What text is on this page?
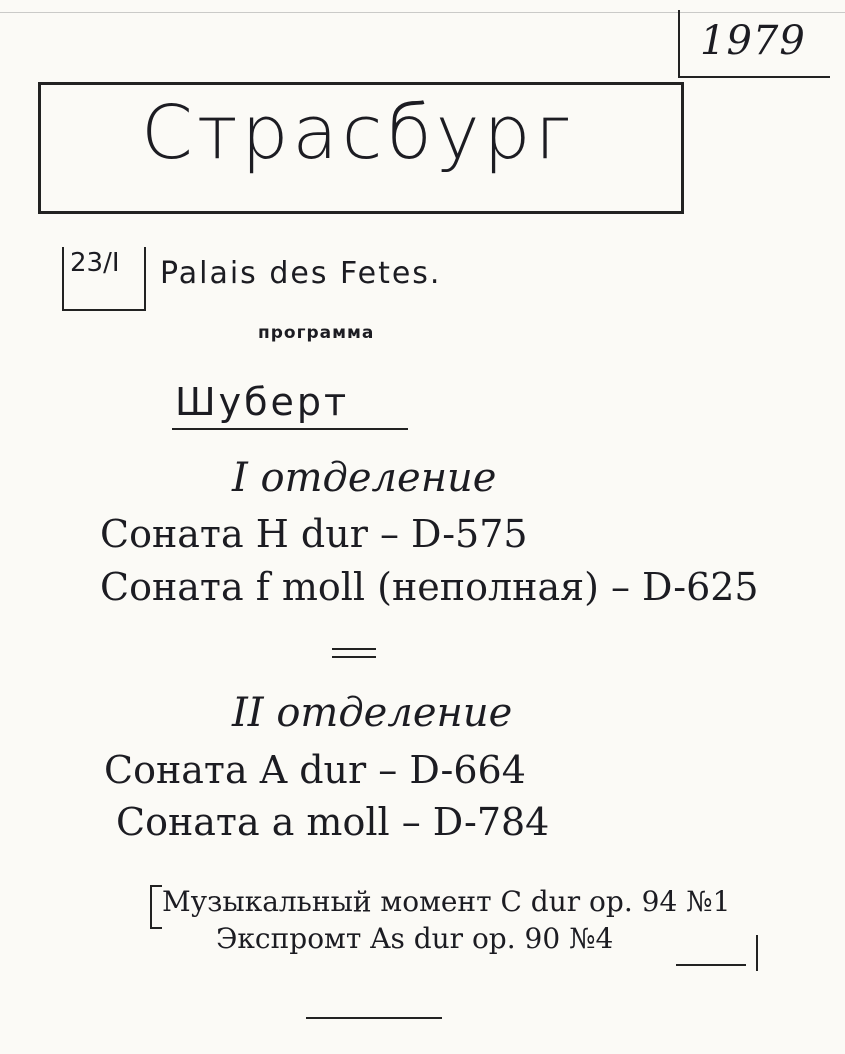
1979
Страсбург
23/I Palais des Fetes.
программа
Шуберт
I отделение
Соната H dur – D-575
Соната f moll (неполная) – D-625
II отделение
Соната A dur – D-664
Соната a moll – D-784
Музыкальный момент C dur op. 94 №1
Экспромт As dur op. 90 №4
